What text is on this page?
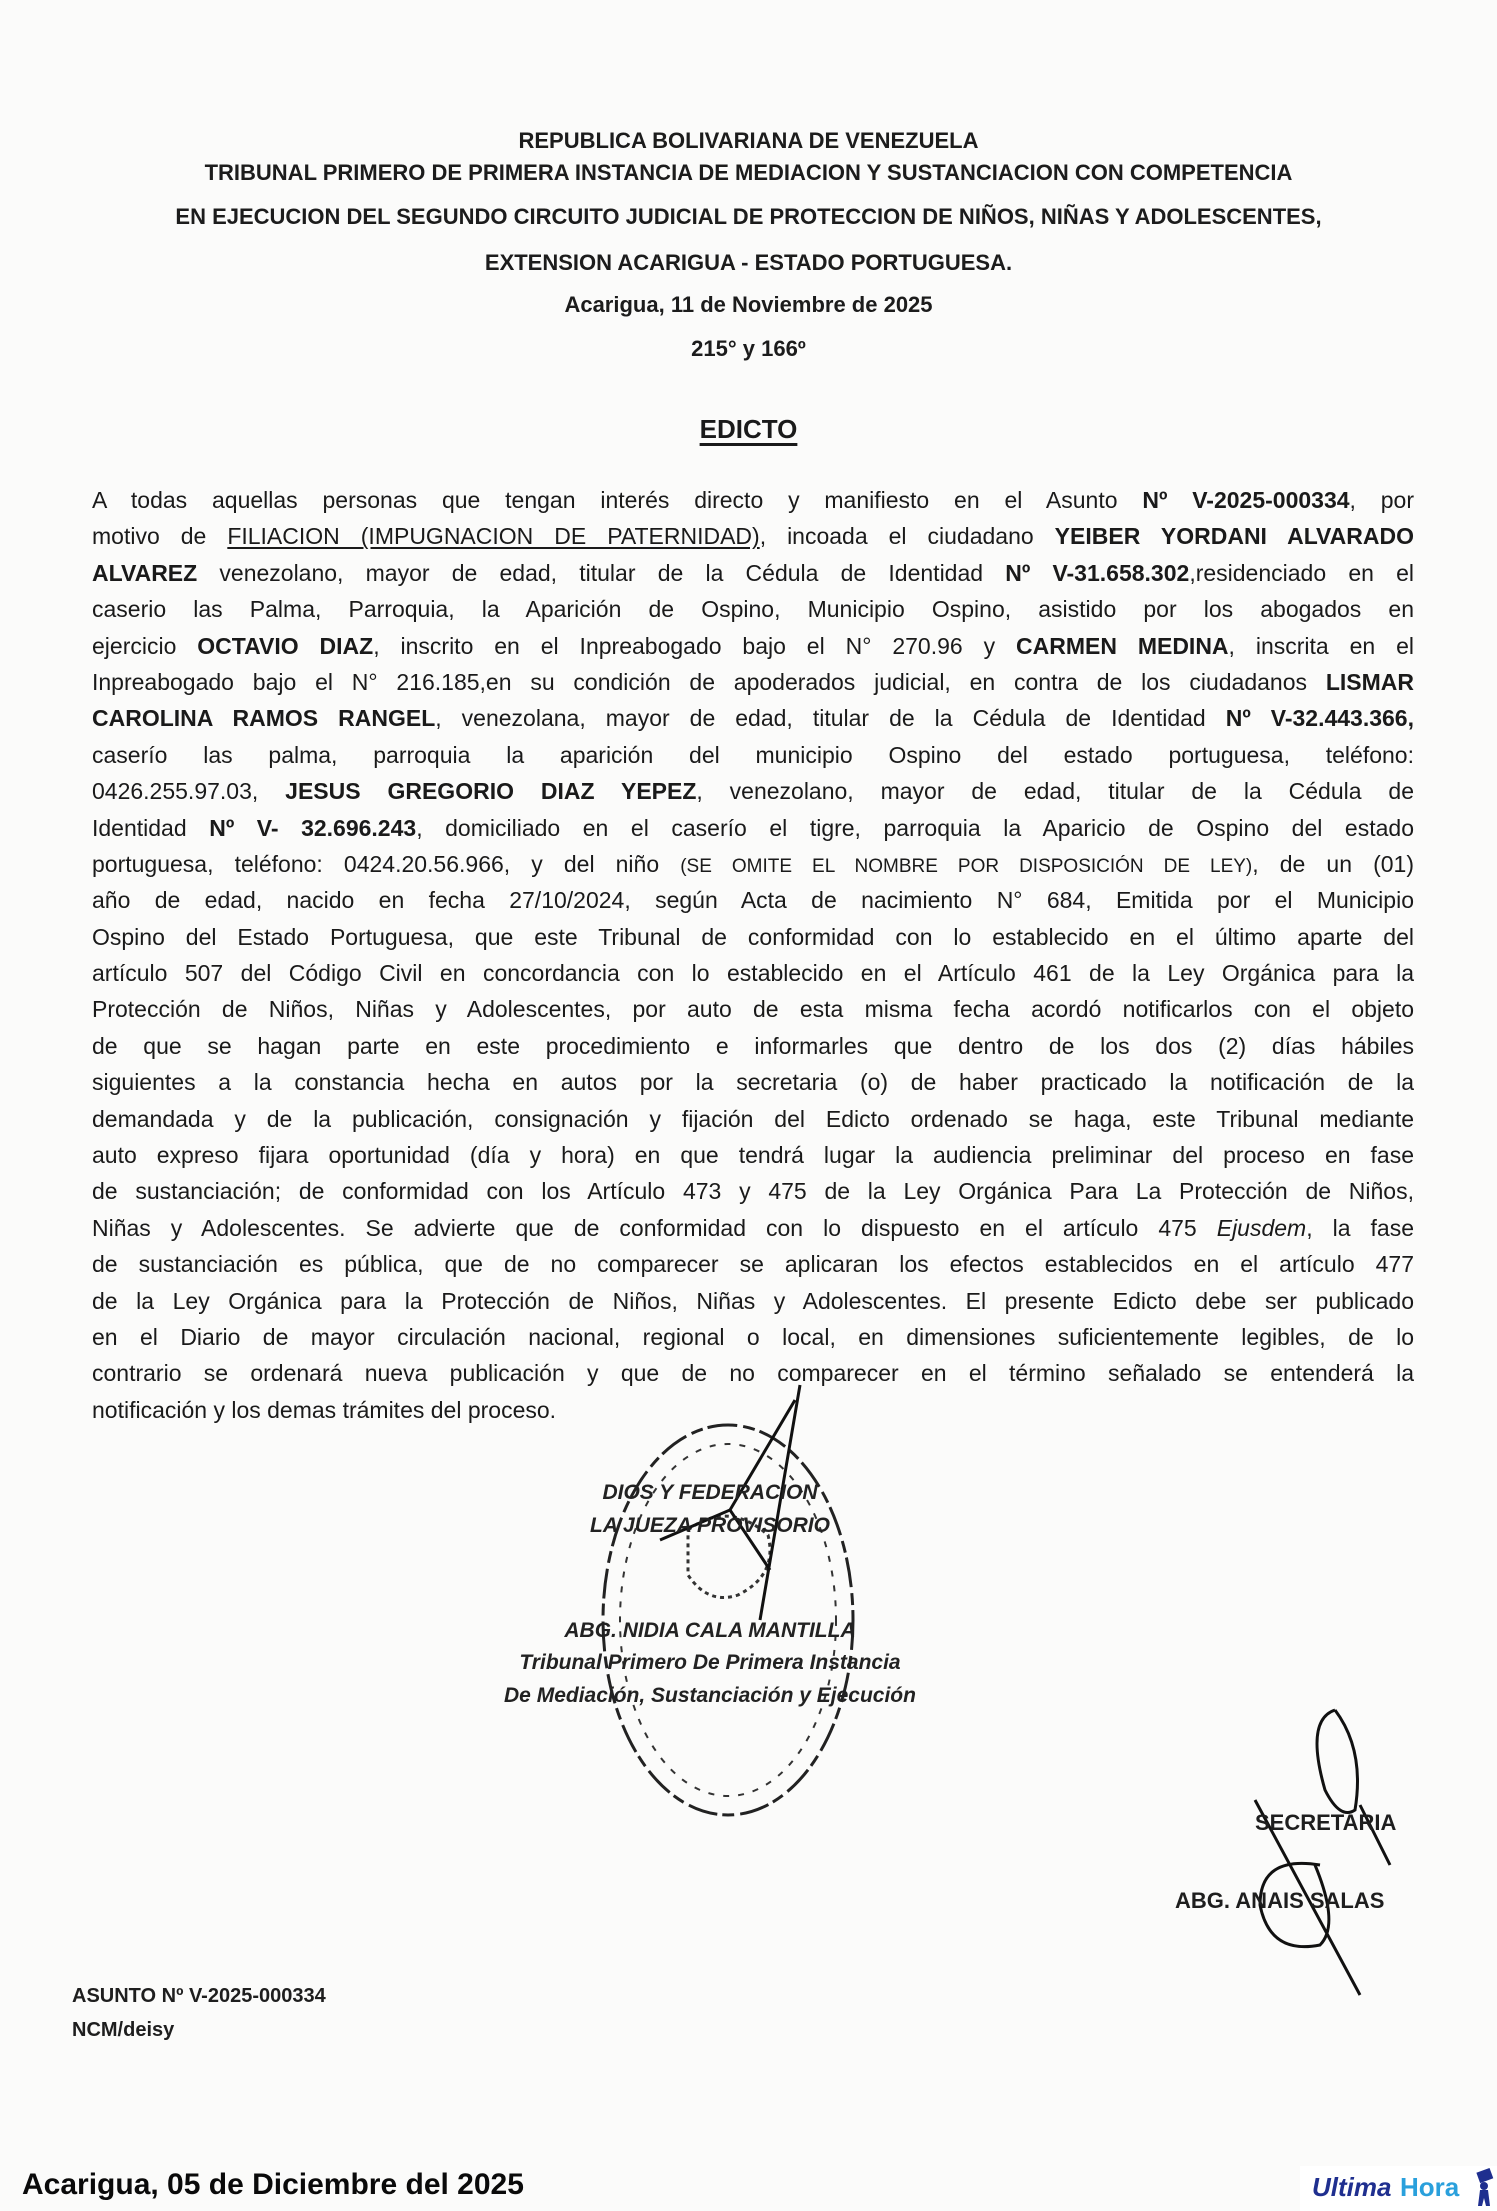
REPUBLICA BOLIVARIANA DE VENEZUELA
TRIBUNAL PRIMERO DE PRIMERA INSTANCIA DE MEDIACION Y SUSTANCIACION CON COMPETENCIA
EN EJECUCION DEL SEGUNDO CIRCUITO JUDICIAL DE PROTECCION DE NIÑOS, NIÑAS Y ADOLESCENTES,
EXTENSION ACARIGUA - ESTADO PORTUGUESA.
Acarigua, 11 de Noviembre de 2025
215° y 166º
EDICTO
A todas aquellas personas que tengan interés directo y manifiesto en el Asunto Nº V-2025-000334, por
motivo de FILIACION (IMPUGNACION DE PATERNIDAD), incoada el ciudadano YEIBER YORDANI ALVARADO
ALVAREZ venezolano, mayor de edad, titular de la Cédula de Identidad Nº V-31.658.302,residenciado en el
caserio las Palma, Parroquia, la Aparición de Ospino, Municipio Ospino, asistido por los abogados en
ejercicio OCTAVIO DIAZ, inscrito en el Inpreabogado bajo el N° 270.96 y CARMEN MEDINA, inscrita en el
Inpreabogado bajo el N° 216.185,en su condición de apoderados judicial, en contra de los ciudadanos LISMAR
CAROLINA RAMOS RANGEL, venezolana, mayor de edad, titular de la Cédula de Identidad Nº V-32.443.366,
caserío las palma, parroquia la aparición del municipio Ospino del estado portuguesa, teléfono:
0426.255.97.03, JESUS GREGORIO DIAZ YEPEZ, venezolano, mayor de edad, titular de la Cédula de
Identidad Nº V- 32.696.243, domiciliado en el caserío el tigre, parroquia la Aparicio de Ospino del estado
portuguesa, teléfono: 0424.20.56.966, y del niño (SE OMITE EL NOMBRE POR DISPOSICIÓN DE LEY), de un (01)
año de edad, nacido en fecha 27/10/2024, según Acta de nacimiento N° 684, Emitida por el Municipio
Ospino del Estado Portuguesa, que este Tribunal de conformidad con lo establecido en el último aparte del
artículo 507 del Código Civil en concordancia con lo establecido en el Artículo 461 de la Ley Orgánica para la
Protección de Niños, Niñas y Adolescentes, por auto de esta misma fecha acordó notificarlos con el objeto
de que se hagan parte en este procedimiento e informarles que dentro de los dos (2) días hábiles
siguientes a la constancia hecha en autos por la secretaria (o) de haber practicado la notificación de la
demandada y de la publicación, consignación y fijación del Edicto ordenado se haga, este Tribunal mediante
auto expreso fijara oportunidad (día y hora) en que tendrá lugar la audiencia preliminar del proceso en fase
de sustanciación; de conformidad con los Artículo 473 y 475 de la Ley Orgánica Para La Protección de Niños,
Niñas y Adolescentes. Se advierte que de conformidad con lo dispuesto en el artículo 475 Ejusdem, la fase
de sustanciación es pública, que de no comparecer se aplicaran los efectos establecidos en el artículo 477
de la Ley Orgánica para la Protección de Niños, Niñas y Adolescentes. El presente Edicto debe ser publicado
en el Diario de mayor circulación nacional, regional o local, en dimensiones suficientemente legibles, de lo
contrario se ordenará nueva publicación y que de no comparecer en el término señalado se entenderá la
notificación y los demas trámites del proceso.
DIOS Y FEDERACION
LA JUEZA PROVISORIO
ABG. NIDIA CALA MANTILLA
Tribunal Primero De Primera Instancia
De Mediación, Sustanciación y Ejecución
SECRETARIA
ABG. ANAIS SALAS
ASUNTO Nº V-2025-000334
NCM/deisy
Acarigua, 05 de Diciembre del 2025	Ultima Hora
